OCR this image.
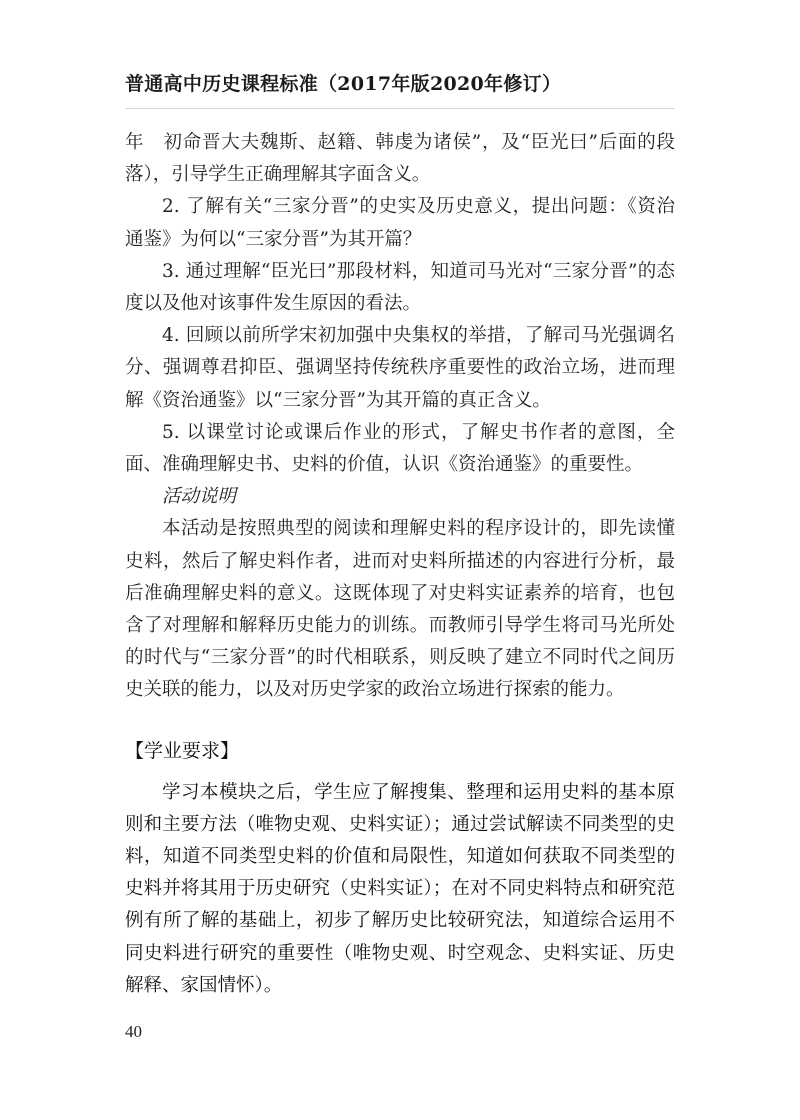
普通高中历史课程标准（2017年版2020年修订）

年　初命晋大夫魏斯、赵籍、韩虔为诸侯”，及“臣光曰”后面的段落），引导学生正确理解其字面含义。

2. 了解有关“三家分晋”的史实及历史意义，提出问题：《资治通鉴》为何以“三家分晋”为其开篇？

3. 通过理解“臣光曰”那段材料，知道司马光对“三家分晋”的态度以及他对该事件发生原因的看法。

4. 回顾以前所学宋初加强中央集权的举措，了解司马光强调名分、强调尊君抑臣、强调坚持传统秩序重要性的政治立场，进而理解《资治通鉴》以“三家分晋”为其开篇的真正含义。

5. 以课堂讨论或课后作业的形式，了解史书作者的意图，全面、准确理解史书、史料的价值，认识《资治通鉴》的重要性。

活动说明

本活动是按照典型的阅读和理解史料的程序设计的，即先读懂史料，然后了解史料作者，进而对史料所描述的内容进行分析，最后准确理解史料的意义。这既体现了对史料实证素养的培育，也包含了对理解和解释历史能力的训练。而教师引导学生将司马光所处的时代与“三家分晋”的时代相联系，则反映了建立不同时代之间历史关联的能力，以及对历史学家的政治立场进行探索的能力。

【学业要求】

学习本模块之后，学生应了解搜集、整理和运用史料的基本原则和主要方法（唯物史观、史料实证）；通过尝试解读不同类型的史料，知道不同类型史料的价值和局限性，知道如何获取不同类型的史料并将其用于历史研究（史料实证）；在对不同史料特点和研究范例有所了解的基础上，初步了解历史比较研究法，知道综合运用不同史料进行研究的重要性（唯物史观、时空观念、史料实证、历史解释、家国情怀）。

40
